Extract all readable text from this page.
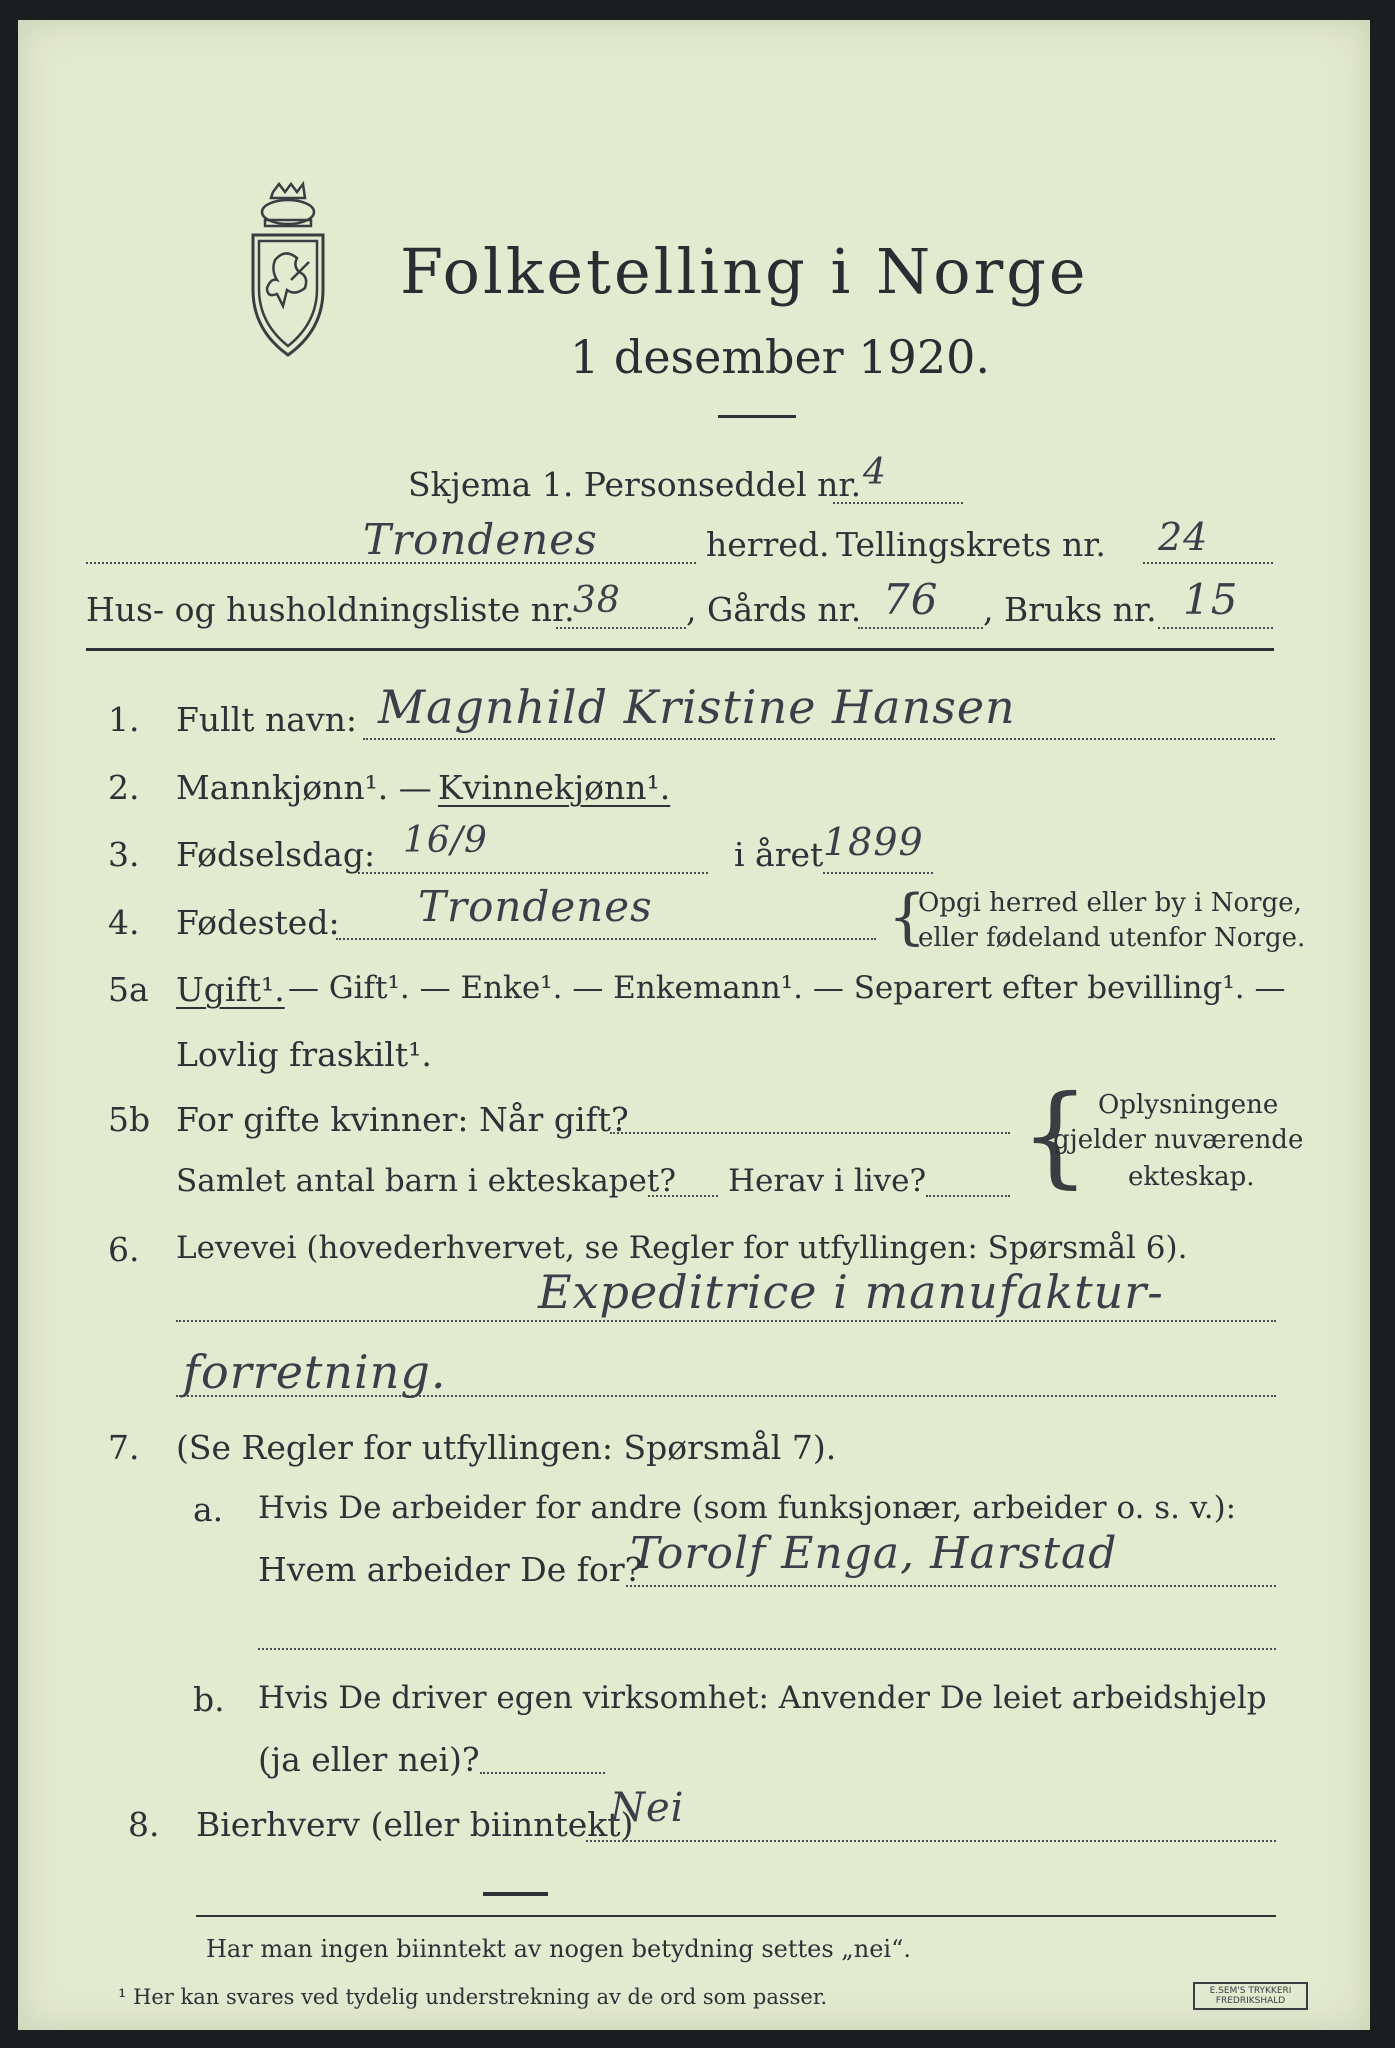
Folketelling i Norge
1 desember 1920.
Skjema 1. Personseddel nr. 4
Trondenes	herred. Tellingskrets nr. 24
Hus- og husholdningsliste nr.
38 , Gårds nr. 76 , Bruks nr. 15
1. Fullt navn: Magnhild Kristine Hansen
2. Mannkjønn¹. — Kvinnekjønn¹.
3. Fødselsdag: 16/9	i året 1899
4. Fødested: Trondenes	{
Opgi herred eller by i Norge,
eller fødeland utenfor Norge.
5a Ugift¹. — Gift¹. — Enke¹. — Enkemann¹. — Separert efter bevilling¹. —
Lovlig fraskilt¹.
5b For gifte kvinner: Når gift?
Samlet antal barn i ekteskapet? Herav i live? { Oplysningene
gjelder nuværende
ekteskap.
6. Levevei (hovederhvervet, se Regler for utfyllingen: Spørsmål 6).
Expeditrice i manufaktur-
forretning.
7. (Se Regler for utfyllingen: Spørsmål 7).
a. Hvis De arbeider for andre (som funksjonær, arbeider o. s. v.):
Hvem arbeider De for?
Torolf Enga, Harstad
b. Hvis De driver egen virksomhet: Anvender De leiet arbeidshjelp
(ja eller nei)?
8. Bierhverv (eller biinntekt)
Nei
Har man ingen biinntekt av nogen betydning settes „nei“.
¹ Her kan svares ved tydelig understrekning av de ord som passer.	E.SEM'S TRYKKERI
FREDRIKSHALD
